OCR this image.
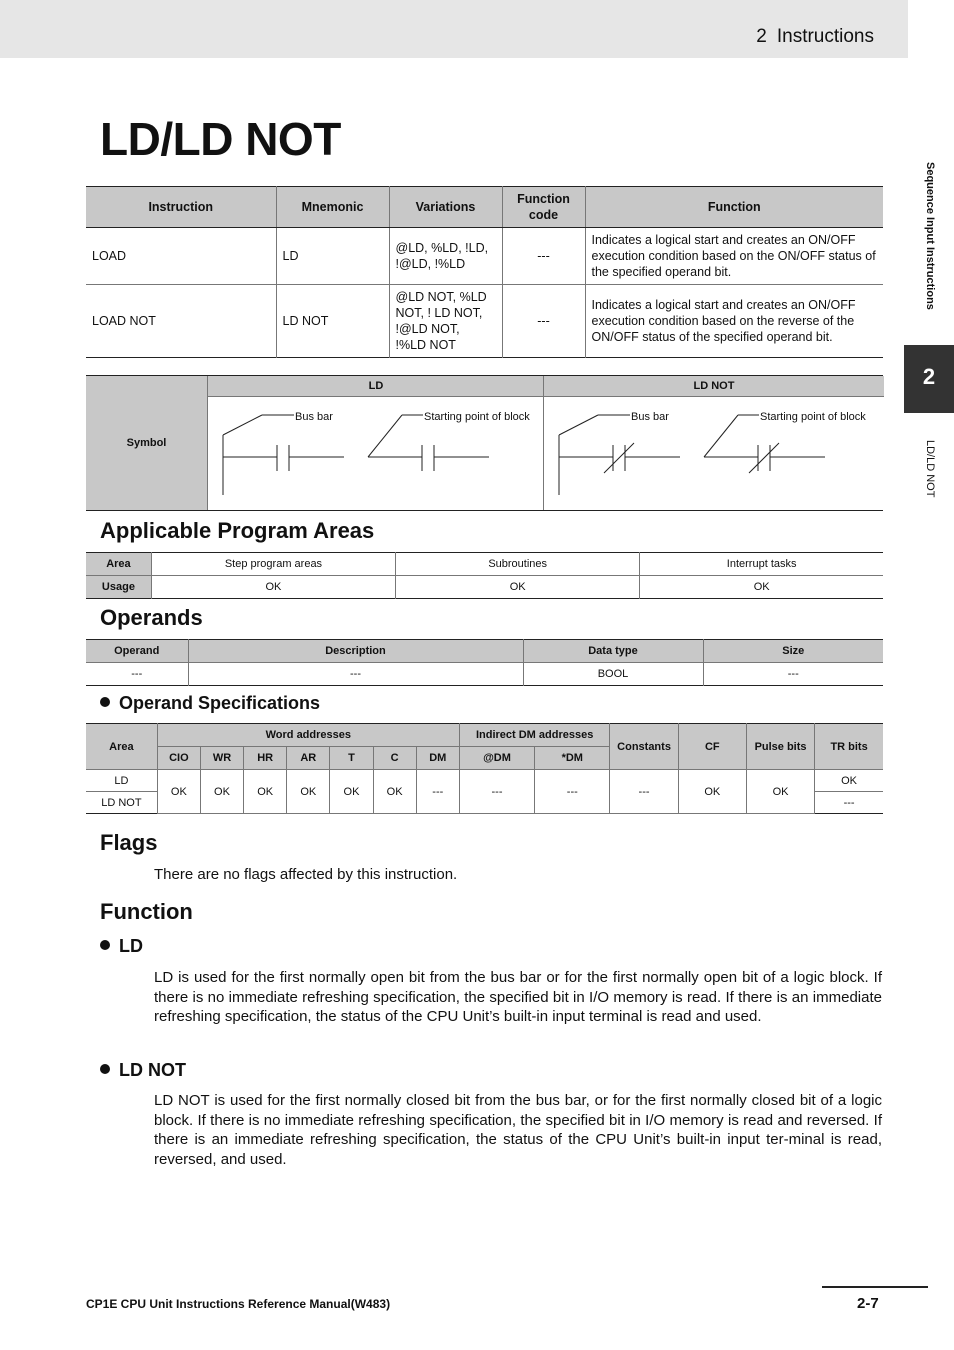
2 Instructions
Sequence Input Instructions
2
LD/LD NOT
LD/LD NOT
Instruction	Mnemonic	Variations	Function code	Function
LOAD	LD	@LD, %LD, !LD, !@LD, !%LD	---	Indicates a logical start and creates an ON/OFF execution condition based on the ON/OFF status of the specified operand bit.
LOAD NOT	LD NOT	@LD NOT, %LD NOT, ! LD NOT, !@LD NOT, !%LD NOT	---	Indicates a logical start and creates an ON/OFF execution condition based on the reverse of the ON/OFF status of the specified operand bit.
Symbol
LD
Bus bar	Starting point of block
LD NOT
Bus bar	Starting point of block
Applicable Program Areas
Area	Step program areas	Subroutines	Interrupt tasks
Usage	OK	OK	OK
Operands
Operand	Description	Data type	Size
---	---	BOOL	---
Operand Specifications
Area	Word addresses							Indirect DM addresses		Constants	CF	Pulse bits	TR bits
	CIO	WR	HR	AR	T	C	DM	@DM	*DM				
LD	OK	OK	OK	OK	OK	OK	---	---	---	---	OK	OK	OK
LD NOT													---
Flags
There are no flags affected by this instruction.
Function
LD
LD is used for the first normally open bit from the bus bar or for the first normally open bit of a logic block. If there is no immediate refreshing specification, the specified bit in I/O memory is read. If there is an immediate refreshing specification, the status of the CPU Unit’s built-in input terminal is read and used.
LD NOT
LD NOT is used for the first normally closed bit from the bus bar, or for the first normally closed bit of a logic block. If there is no immediate refreshing specification, the specified bit in I/O memory is read and reversed. If there is an immediate refreshing specification, the status of the CPU Unit’s built-in input ter-minal is read, reversed, and used.
CP1E CPU Unit Instructions Reference Manual(W483)	2-7
